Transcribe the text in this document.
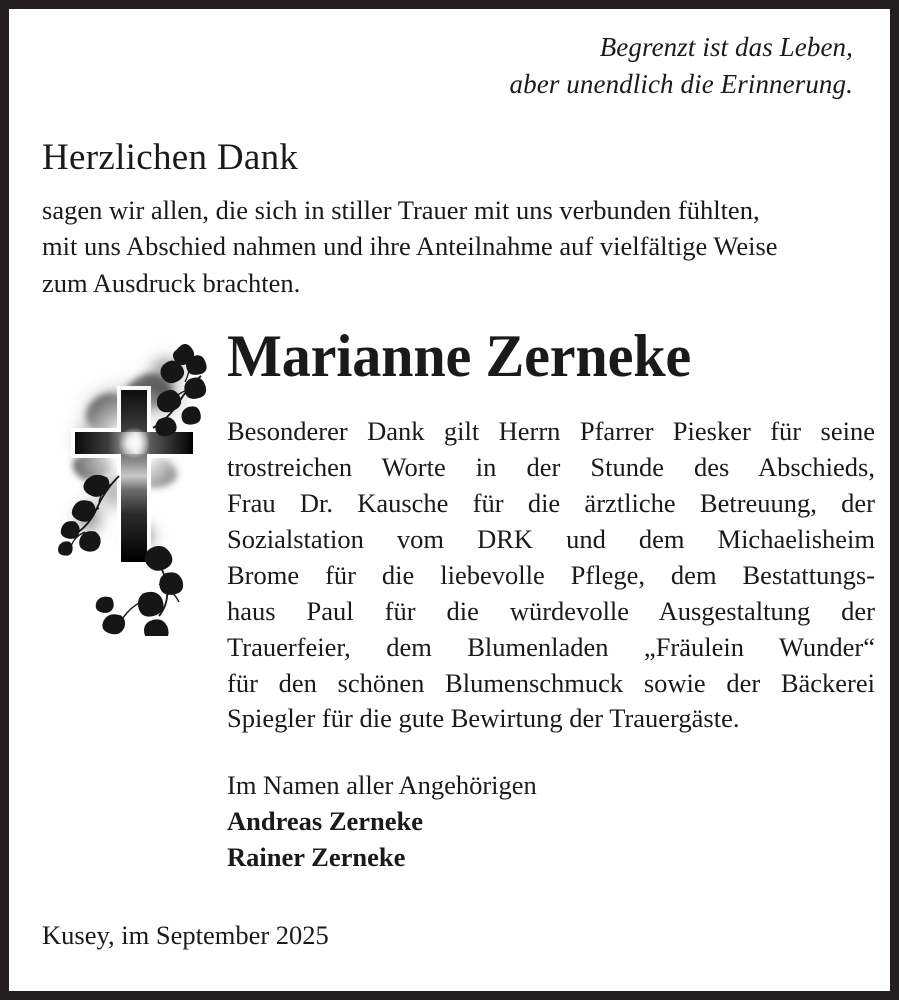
Begrenzt ist das Leben,
aber unendlich die Erinnerung.
Herzlichen Dank
sagen wir allen, die sich in stiller Trauer mit uns verbunden fühlten,
mit uns Abschied nahmen und ihre Anteilnahme auf vielfältige Weise
zum Ausdruck brachten.
Marianne Zerneke
Besonderer Dank gilt Herrn Pfarrer Piesker für seine
trostreichen Worte in der Stunde des Abschieds,
Frau Dr. Kausche für die ärztliche Betreuung, der
Sozialstation vom DRK und dem Michaelisheim
Brome für die liebevolle Pflege, dem Bestattungs-
haus Paul für die würdevolle Ausgestaltung der
Trauerfeier, dem Blumenladen „Fräulein Wunder“
für den schönen Blumenschmuck sowie der Bäckerei
Spiegler für die gute Bewirtung der Trauergäste.
Im Namen aller Angehörigen
Andreas Zerneke
Rainer Zerneke
Kusey, im September 2025
